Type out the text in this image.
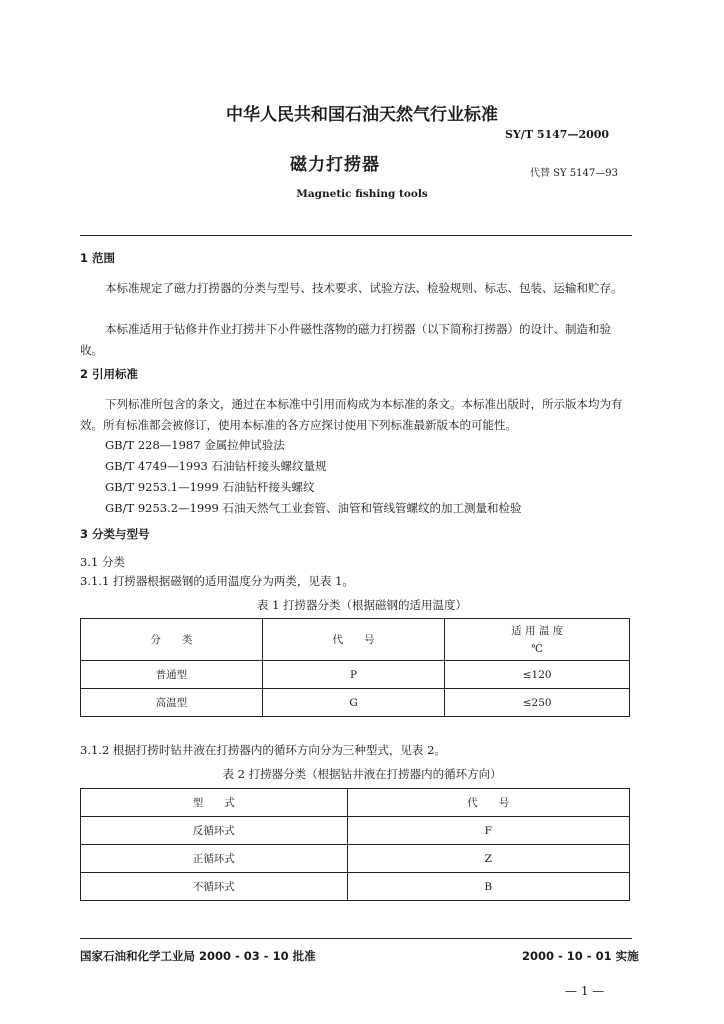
中华人民共和国石油天然气行业标准
SY/T 5147—2000
磁力打捞器	代替 SY 5147—93
Magnetic fishing tools
1 范围
本标准规定了磁力打捞器的分类与型号、技术要求、试验方法、检验规则、标志、包装、运输和贮存。
本标准适用于钻修井作业打捞井下小件磁性落物的磁力打捞器（以下简称打捞器）的设计、制造和验收。
2 引用标准
下列标准所包含的条文，通过在本标准中引用而构成为本标准的条文。本标准出版时，所示版本均为有效。所有标准都会被修订，使用本标准的各方应探讨使用下列标准最新版本的可能性。
GB/T 228—1987 金属拉伸试验法
GB/T 4749—1993 石油钻杆接头螺纹量规
GB/T 9253.1—1999 石油钻杆接头螺纹
GB/T 9253.2—1999 石油天然气工业套管、油管和管线管螺纹的加工测量和检验
3 分类与型号
3.1 分类
3.1.1 打捞器根据磁钢的适用温度分为两类，见表 1。
表 1 打捞器分类（根据磁钢的适用温度）
分　　类	代　　号	适 用 温 度
℃

普通型	P	≤120
高温型	G	≤250
3.1.2 根据打捞时钻井液在打捞器内的循环方向分为三种型式，见表 2。
表 2 打捞器分类（根据钻井液在打捞器内的循环方向）
型　　式	代　　号
反循环式	F
正循环式	Z
不循环式	B
国家石油和化学工业局 2000 - 03 - 10 批准	2000 - 10 - 01 实施
— 1 —
